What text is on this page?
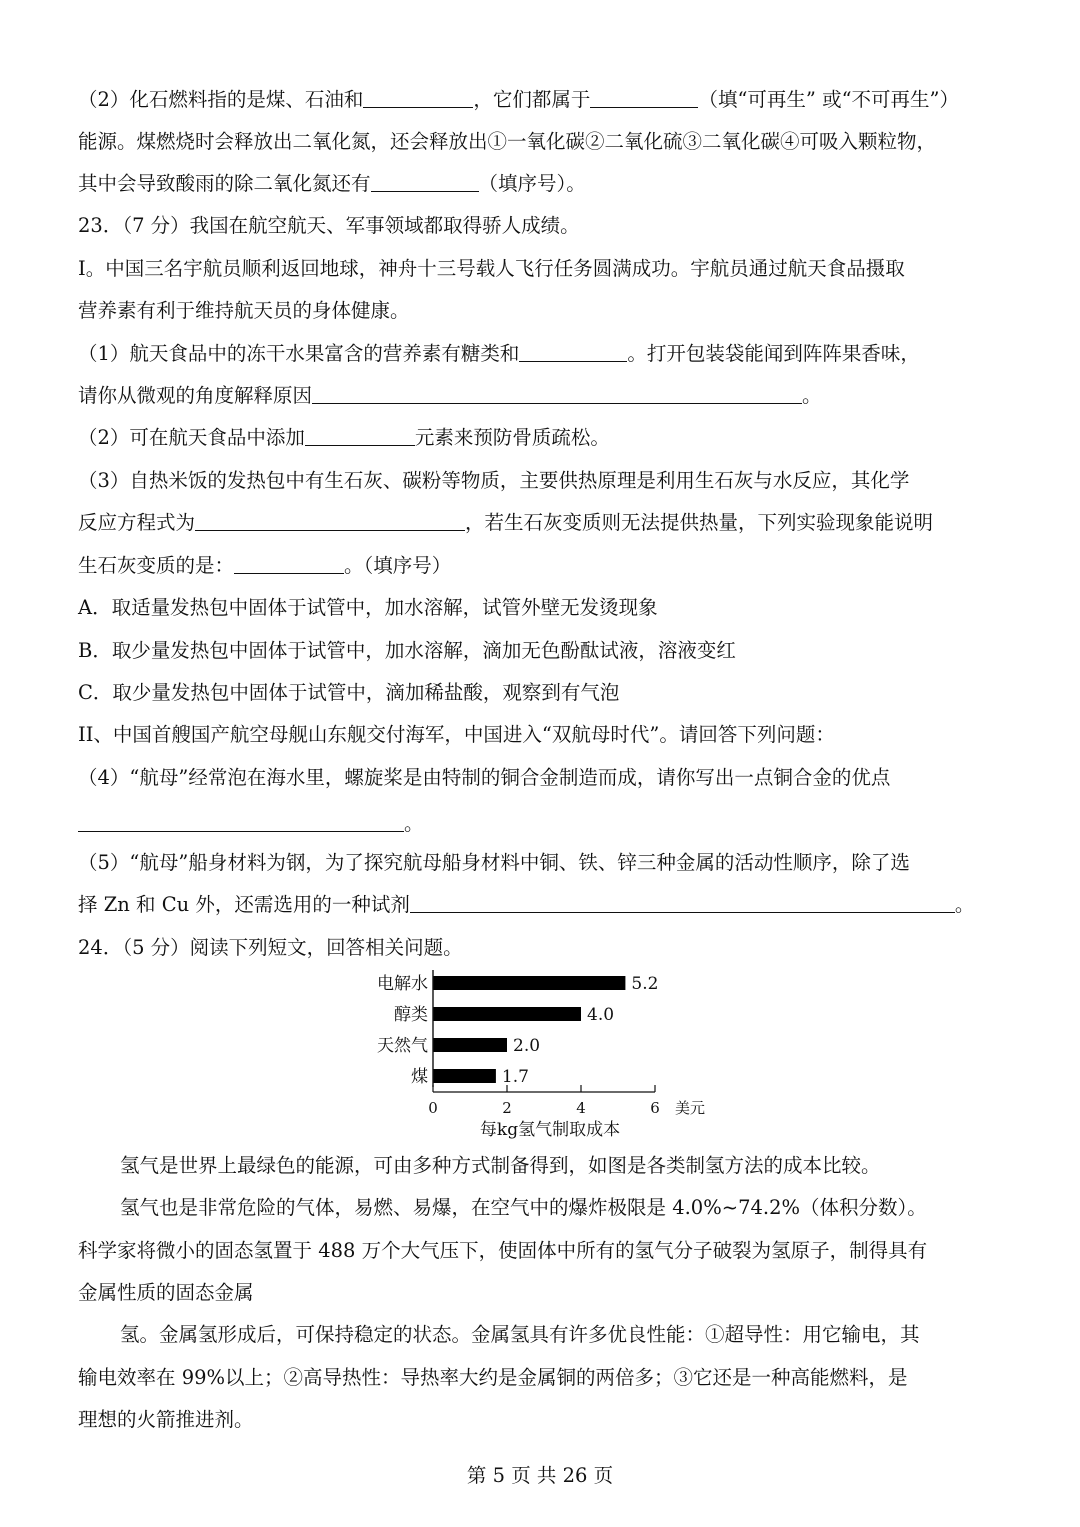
（2）化石燃料指的是煤、石油和	，它们都属于	（填“可再生” 或“不可再生”）
能源。煤燃烧时会释放出二氧化氮，还会释放出①一氧化碳②二氧化硫③二氧化碳④可吸入颗粒物，
其中会导致酸雨的除二氧化氮还有	（填序号）。
23．（7 分）我国在航空航天、军事领域都取得骄人成绩。
I。中国三名宇航员顺利返回地球，神舟十三号载人飞行任务圆满成功。宇航员通过航天食品摄取
营养素有利于维持航天员的身体健康。
（1）航天食品中的冻干水果富含的营养素有糖类和	。打开包装袋能闻到阵阵果香味，
请你从微观的角度解释原因	。
（2）可在航天食品中添加	元素来预防骨质疏松。
（3）自热米饭的发热包中有生石灰、碳粉等物质，主要供热原理是利用生石灰与水反应，其化学
反应方程式为	，若生石灰变质则无法提供热量，下列实验现象能说明
生石灰变质的是：	。（填序号）
A．取适量发热包中固体于试管中，加水溶解，试管外壁无发烫现象
B．取少量发热包中固体于试管中，加水溶解，滴加无色酚酞试液，溶液变红
C．取少量发热包中固体于试管中，滴加稀盐酸，观察到有气泡
II、中国首艘国产航空母舰山东舰交付海军，中国进入“双航母时代”。请回答下列问题：
（4）“航母”经常泡在海水里，螺旋桨是由特制的铜合金制造而成，请你写出一点铜合金的优点
。
（5）“航母”船身材料为钢，为了探究航母船身材料中铜、铁、锌三种金属的活动性顺序，除了选
择 Zn 和 Cu 外，还需选用的一种试剂	。
24．（5 分）阅读下列短文，回答相关问题。
电解水
醇类
天然气
煤
5.2
4.0
2.0
1.7
0	2	4	6 美元
每kg氢气制取成本
氢气是世界上最绿色的能源，可由多种方式制备得到，如图是各类制氢方法的成本比较。
氢气也是非常危险的气体，易燃、易爆，在空气中的爆炸极限是 4.0%~74.2%（体积分数）。
科学家将微小的固态氢置于 488 万个大气压下，使固体中所有的氢气分子破裂为氢原子，制得具有
金属性质的固态金属
氢。金属氢形成后，可保持稳定的状态。金属氢具有许多优良性能：①超导性：用它输电，其
输电效率在 99%以上；②高导热性：导热率大约是金属铜的两倍多；③它还是一种高能燃料，是
理想的火箭推进剂。
第 5 页 共 26 页
